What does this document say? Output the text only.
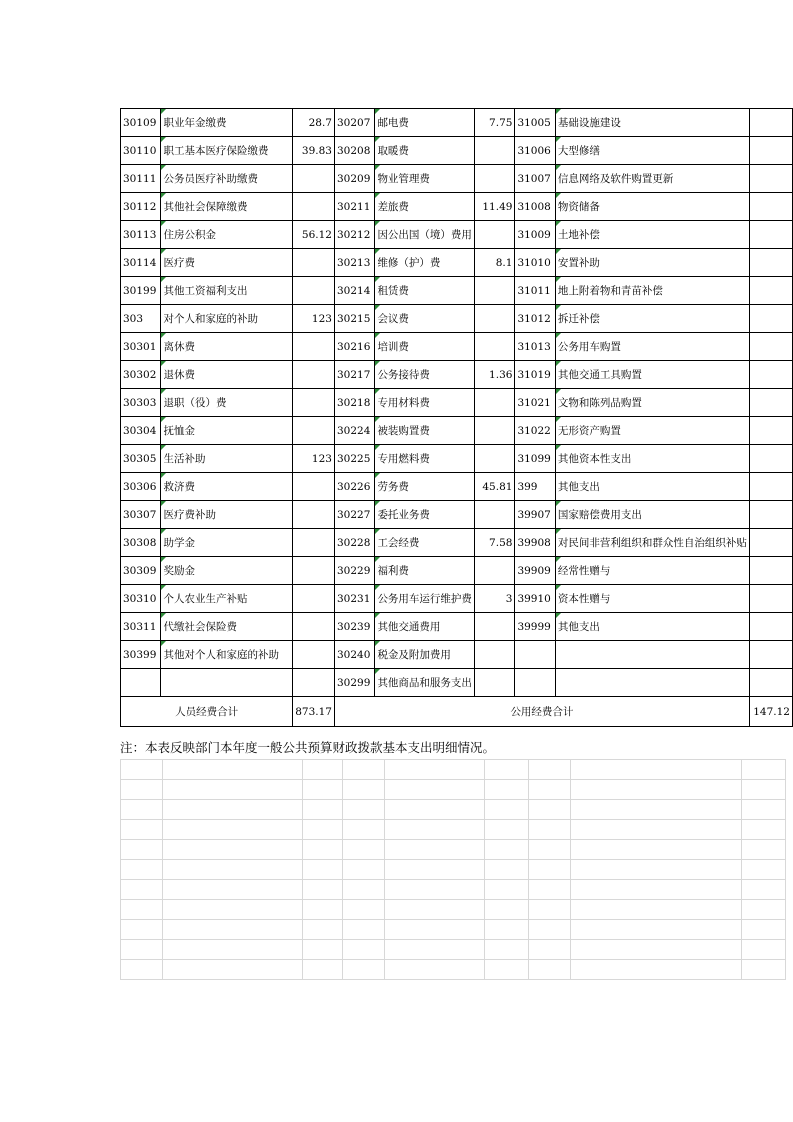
30109	职业年金缴费	28.7	30207	邮电费	7.75	31005	基础设施建设	
30110	职工基本医疗保险缴费	39.83	30208	取暖费		31006	大型修缮	
30111	公务员医疗补助缴费		30209	物业管理费		31007	信息网络及软件购置更新	
30112	其他社会保障缴费		30211	差旅费	11.49	31008	物资储备	
30113	住房公积金	56.12	30212	因公出国（境）费用		31009	土地补偿	
30114	医疗费		30213	维修（护）费	8.1	31010	安置补助	
30199	其他工资福利支出		30214	租赁费		31011	地上附着物和青苗补偿	
303	对个人和家庭的补助	123	30215	会议费		31012	拆迁补偿	
30301	离休费		30216	培训费		31013	公务用车购置	
30302	退休费		30217	公务接待费	1.36	31019	其他交通工具购置	
30303	退职（役）费		30218	专用材料费		31021	文物和陈列品购置	
30304	抚恤金		30224	被装购置费		31022	无形资产购置	
30305	生活补助	123	30225	专用燃料费		31099	其他资本性支出	
30306	救济费		30226	劳务费	45.81	399	其他支出	
30307	医疗费补助		30227	委托业务费		39907	国家赔偿费用支出	
30308	助学金		30228	工会经费	7.58	39908	对民间非营利组织和群众性自治组织补贴	
30309	奖励金		30229	福利费		39909	经常性赠与	
30310	个人农业生产补贴		30231	公务用车运行维护费	3	39910	资本性赠与	
30311	代缴社会保险费		30239	其他交通费用		39999	其他支出	
30399	其他对个人和家庭的补助		30240	税金及附加费用				
			30299	其他商品和服务支出				
人员经费合计		873.17	公用经费合计					147.12
注：本表反映部门本年度一般公共预算财政拨款基本支出明细情况。
